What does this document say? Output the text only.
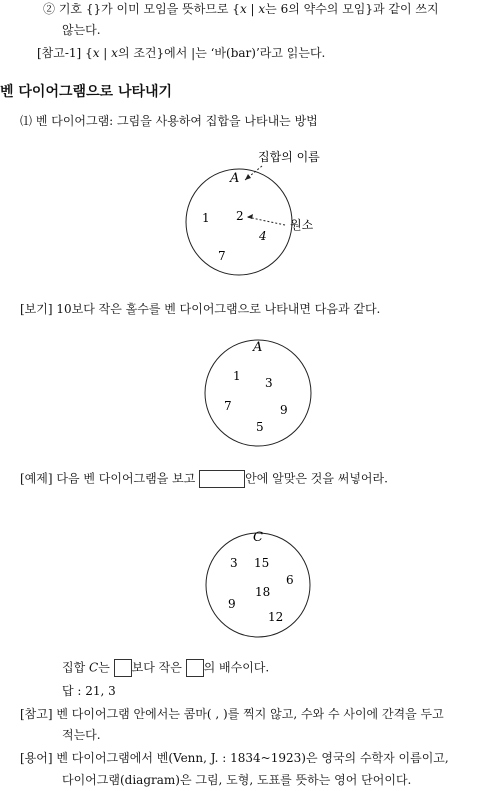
② 기호 {}가 이미 모임을 뜻하므로 {x | x는 6의 약수의 모임}과 같이 쓰지
않는다.
[참고-1] {x | x의 조건}에서 |는 ‘바(bar)’라고 읽는다.
벤 다이어그램으로 나타내기
⑴ 벤 다이어그램: 그림을 사용하여 집합을 나타내는 방법
A
집합의 이름
1 2
4
7
원소
[보기] 10보다 작은 홀수를 벤 다이어그램으로 나타내면 다음과 같다.
A
1 3
7	9
5
[예제] 다음 벤 다이어그램을 보고	안에 알맞은 것을 써넣어라.
C
3 15
6
18
9
12
집합 C는 보다 작은 의 배수이다.
답 : 21, 3
[참고] 벤 다이어그램 안에서는 콤마( , )를 찍지 않고, 수와 수 사이에 간격을 두고
적는다.
[용어] 벤 다이어그램에서 벤(Venn, J. : 1834~1923)은 영국의 수학자 이름이고,
다이어그램(diagram)은 그림, 도형, 도표를 뜻하는 영어 단어이다.
